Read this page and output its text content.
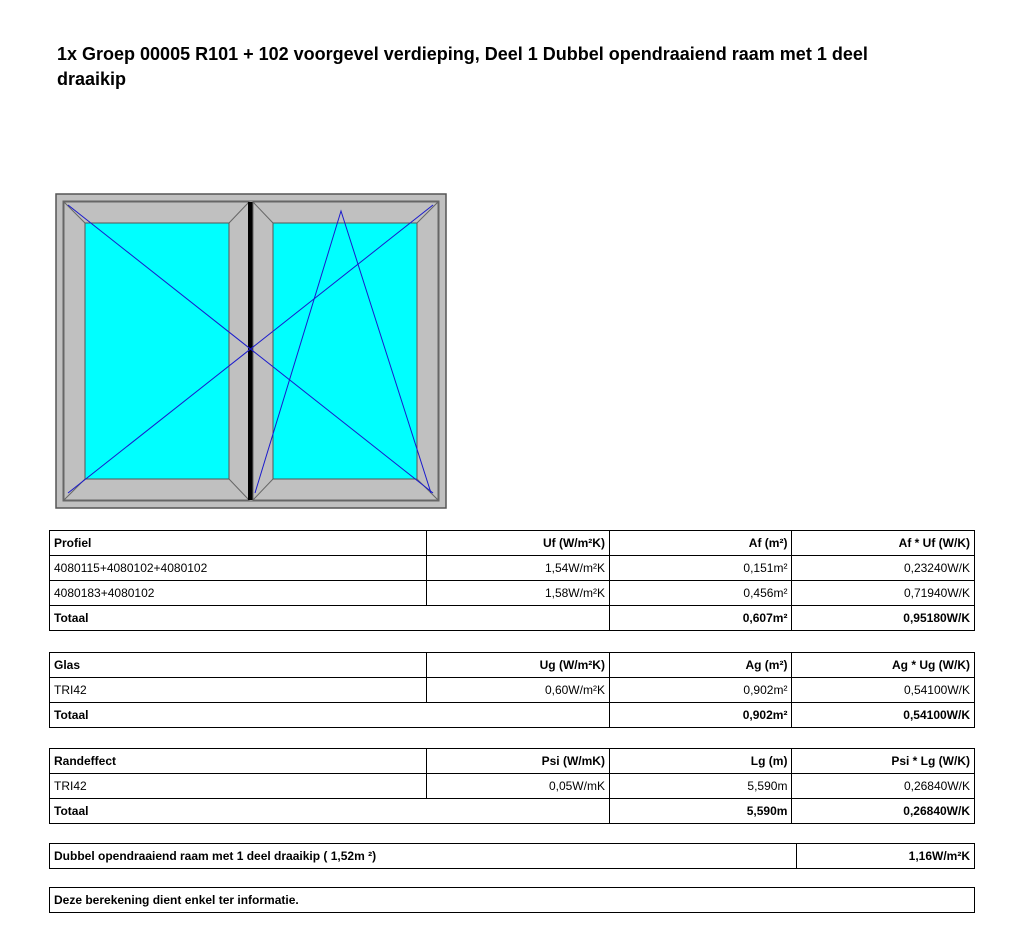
1x Groep 00005 R101 + 102 voorgevel verdieping, Deel 1 Dubbel opendraaiend raam met 1 deel
draaikip
Profiel	Uf (W/m²K)	Af (m²)	Af * Uf (W/K)
4080115+4080102+4080102	1,54W/m²K	0,151m²	0,23240W/K
4080183+4080102	1,58W/m²K	0,456m²	0,71940W/K
Totaal		0,607m²	0,95180W/K
Glas	Ug (W/m²K)	Ag (m²)	Ag * Ug (W/K)
TRI42	0,60W/m²K	0,902m²	0,54100W/K
Totaal		0,902m²	0,54100W/K
Randeffect	Psi (W/mK)	Lg (m)	Psi * Lg (W/K)
TRI42	0,05W/mK	5,590m	0,26840W/K
Totaal		5,590m	0,26840W/K
Dubbel opendraaiend raam met 1 deel draaikip ( 1,52m ²)	1,16W/m²K
Deze berekening dient enkel ter informatie.
